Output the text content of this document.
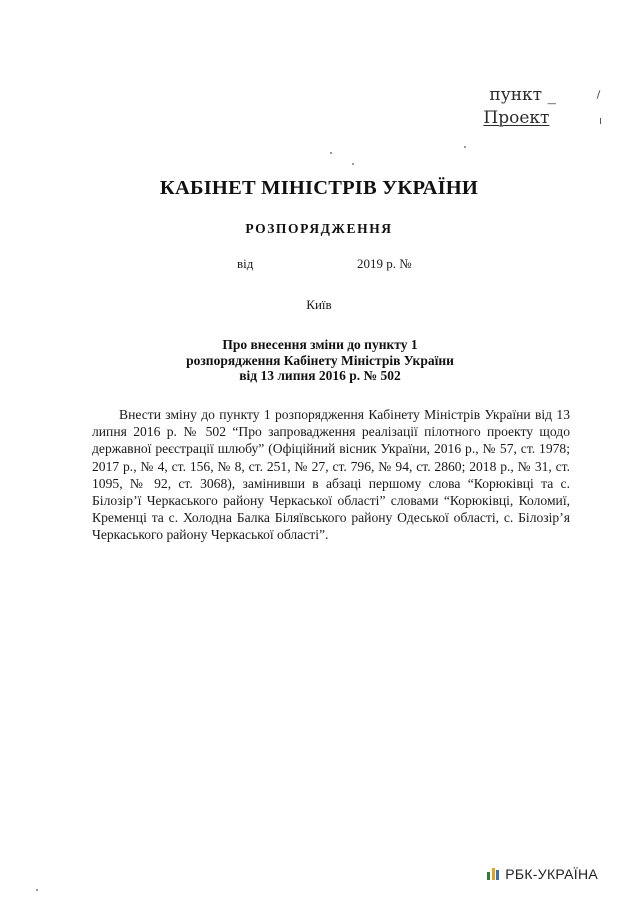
пункт _
Проект
КАБІНЕТ МІНІСТРІВ УКРАЇНИ
РОЗПОРЯДЖЕННЯ
від	2019 р. №
Київ
Про внесення зміни до пункту 1
розпорядження Кабінету Міністрів України
від 13 липня 2016 р. № 502
Внести зміну до пункту 1 розпорядження Кабінету Міністрів України від 13 липня 2016 р. № 502 “Про запровадження реалізації пілотного проекту щодо державної реєстрації шлюбу” (Офіційний вісник України, 2016 р., № 57, ст. 1978; 2017 р., № 4, ст. 156, № 8, ст. 251, № 27, ст. 796, № 94, ст. 2860; 2018 р., № 31, ст. 1095, № 92, ст. 3068), замінивши в абзаці першому слова “Корюківці та с. Білозір’ї Черкаського району Черкаської області” словами “Корюківці, Коломиї, Кременці та с. Холодна Балка Біляївського району Одеської області, с. Білозір’я Черкаського району Черкаської області”.
РБК-УКРАЇНА
